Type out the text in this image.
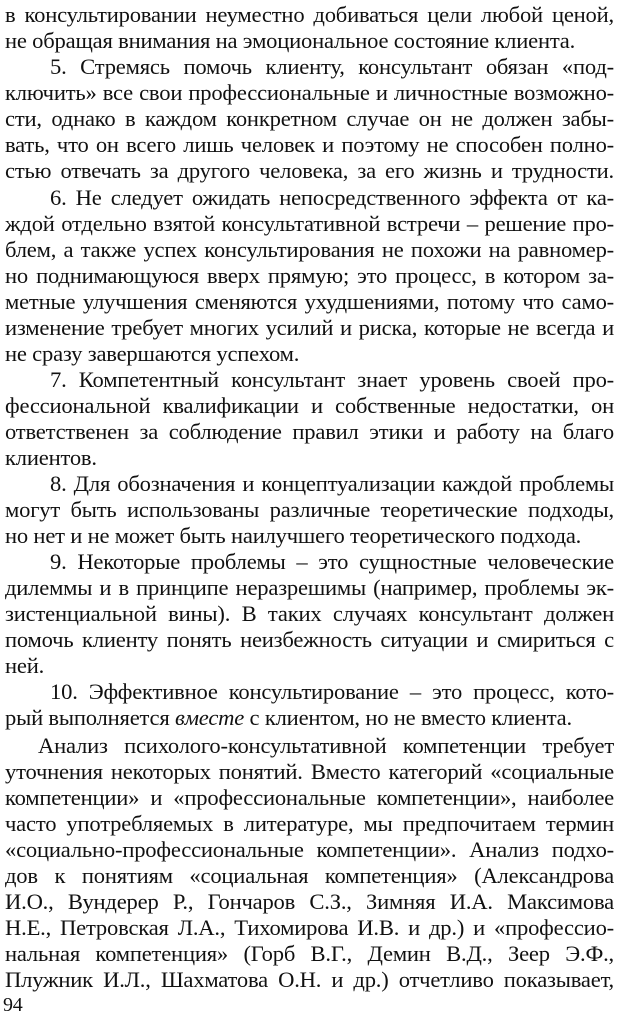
в консультировании неуместно добиваться цели любой ценой,
не обращая внимания на эмоциональное состояние клиента.
5. Стремясь помочь клиенту, консультант обязан «под-
ключить» все свои профессиональные и личностные возможно-
сти, однако в каждом конкретном случае он не должен забы-
вать, что он всего лишь человек и поэтому не способен полно-
стью отвечать за другого человека, за его жизнь и трудности.
6. Не следует ожидать непосредственного эффекта от ка-
ждой отдельно взятой консультативной встречи – решение про-
блем, а также успех консультирования не похожи на равномер-
но поднимающуюся вверх прямую; это процесс, в котором за-
метные улучшения сменяются ухудшениями, потому что само-
изменение требует многих усилий и риска, которые не всегда и
не сразу завершаются успехом.
7. Компетентный консультант знает уровень своей про-
фессиональной квалификации и собственные недостатки, он
ответственен за соблюдение правил этики и работу на благо
клиентов.
8. Для обозначения и концептуализации каждой проблемы
могут быть использованы различные теоретические подходы,
но нет и не может быть наилучшего теоретического подхода.
9. Некоторые проблемы – это сущностные человеческие
дилеммы и в принципе неразрешимы (например, проблемы эк-
зистенциальной вины). В таких случаях консультант должен
помочь клиенту понять неизбежность ситуации и смириться с
ней.
10. Эффективное консультирование – это процесс, кото-
рый выполняется вместе с клиентом, но не вместо клиента.
Анализ психолого-консультативной компетенции требует
уточнения некоторых понятий. Вместо категорий «социальные
компетенции» и «профессиональные компетенции», наиболее
часто употребляемых в литературе, мы предпочитаем термин
«социально-профессиональные компетенции». Анализ подхо-
дов к понятиям «социальная компетенция» (Александрова
И.О., Вундерер Р., Гончаров С.З., Зимняя И.А. Максимова
Н.Е., Петровская Л.А., Тихомирова И.В. и др.) и «профессио-
нальная компетенция» (Горб В.Г., Демин В.Д., Зеер Э.Ф.,
Плужник И.Л., Шахматова О.Н. и др.) отчетливо показывает,
94
